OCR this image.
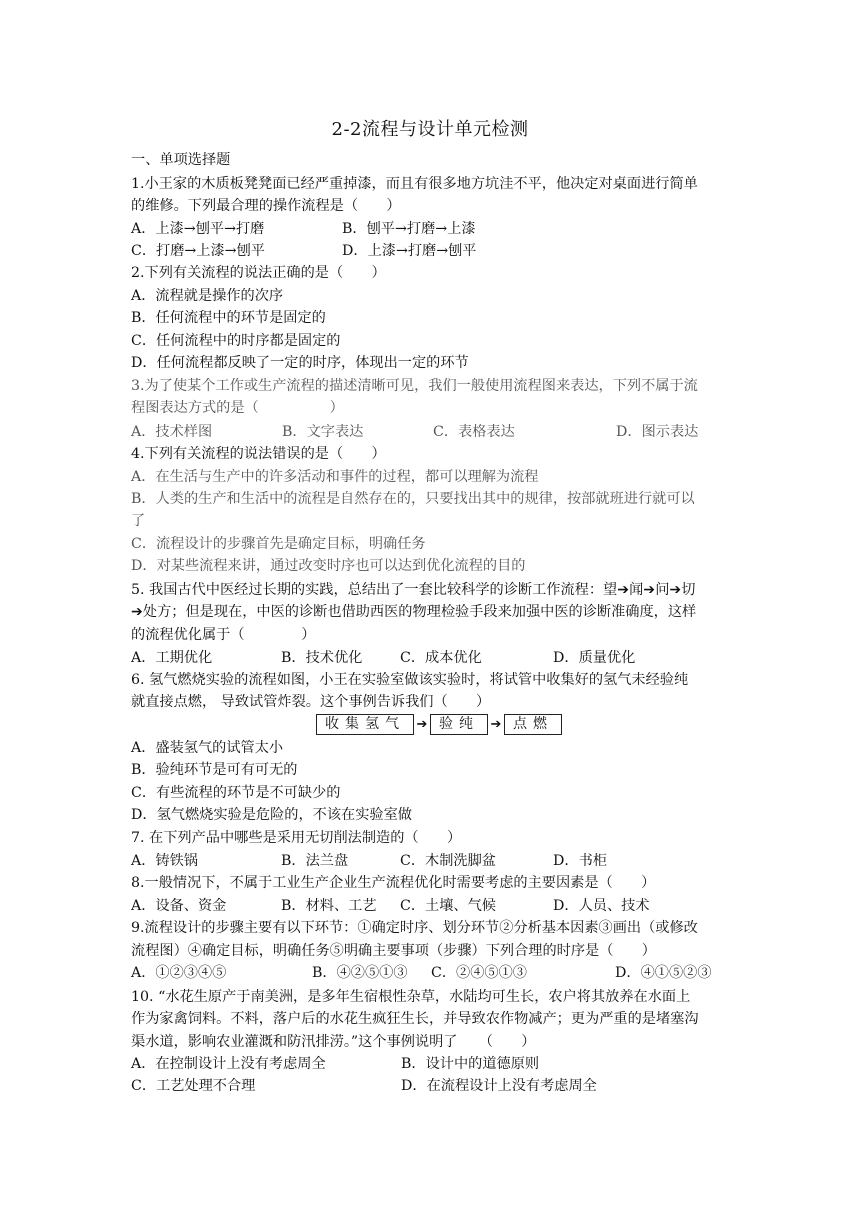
2-2流程与设计单元检测
一、单项选择题
1.小王家的木质板凳凳面已经严重掉漆，而且有很多地方坑洼不平，他决定对桌面进行简单
的维修。下列最合理的操作流程是（　　）
A．上漆→刨平→打磨	B．刨平→打磨→上漆
C．打磨→上漆→刨平	D．上漆→打磨→刨平
2.下列有关流程的说法正确的是（　　）
A．流程就是操作的次序
B．任何流程中的环节是固定的
C．任何流程中的时序都是固定的
D．任何流程都反映了一定的时序，体现出一定的环节
3.为了使某个工作或生产流程的描述清晰可见，我们一般使用流程图来表达，下列不属于流
程图表达方式的是（　　　　　）
A．技术样图	B．文字表达	C．表格表达	D．图示表达
4.下列有关流程的说法错误的是（　　）
A．在生活与生产中的许多活动和事件的过程，都可以理解为流程
B．人类的生产和生活中的流程是自然存在的，只要找出其中的规律，按部就班进行就可以
了
C．流程设计的步骤首先是确定目标，明确任务
D．对某些流程来讲，通过改变时序也可以达到优化流程的目的
5. 我国古代中医经过长期的实践，总结出了一套比较科学的诊断工作流程：望➔闻➔问➔切
➔处方；但是现在，中医的诊断也借助西医的物理检验手段来加强中医的诊断准确度，这样
的流程优化属于（　　　　）
A．工期优化	B．技术优化	C．成本优化	D．质量优化
6. 氢气燃烧实验的流程如图，小王在实验室做该实验时，将试管中收集好的氢气未经验纯
就直接点燃， 导致试管炸裂。这个事例告诉我们（　　）
收集氢气 ➔ 验纯 ➔ 点燃
A．盛装氢气的试管太小
B．验纯环节是可有可无的
C．有些流程的环节是不可缺少的
D．氢气燃烧实验是危险的，不该在实验室做
7. 在下列产品中哪些是采用无切削法制造的（　　）
A．铸铁锅	B．法兰盘	C．木制洗脚盆	D．书柜
8.一般情况下，不属于工业生产企业生产流程优化时需要考虑的主要因素是（　　）
A．设备、资金	B．材料、工艺 C．土壤、气候	D．人员、技术
9.流程设计的步骤主要有以下环节：①确定时序、划分环节②分析基本因素③画出（或修改
流程图）④确定目标，明确任务⑤明确主要事项（步骤）下列合理的时序是（　　）
A．①②③④⑤	B．④②⑤①③ C．②④⑤①③	D．④①⑤②③
10. “水花生原产于南美洲，是多年生宿根性杂草，水陆均可生长，农户将其放养在水面上
作为家禽饲料。不料，落户后的水花生疯狂生长，并导致农作物减产；更为严重的是堵塞沟
渠水道，影响农业灌溉和防汛排涝。”这个事例说明了　　（　　）
A．在控制设计上没有考虑周全	B．设计中的道德原则
C．工艺处理不合理	D．在流程设计上没有考虑周全
